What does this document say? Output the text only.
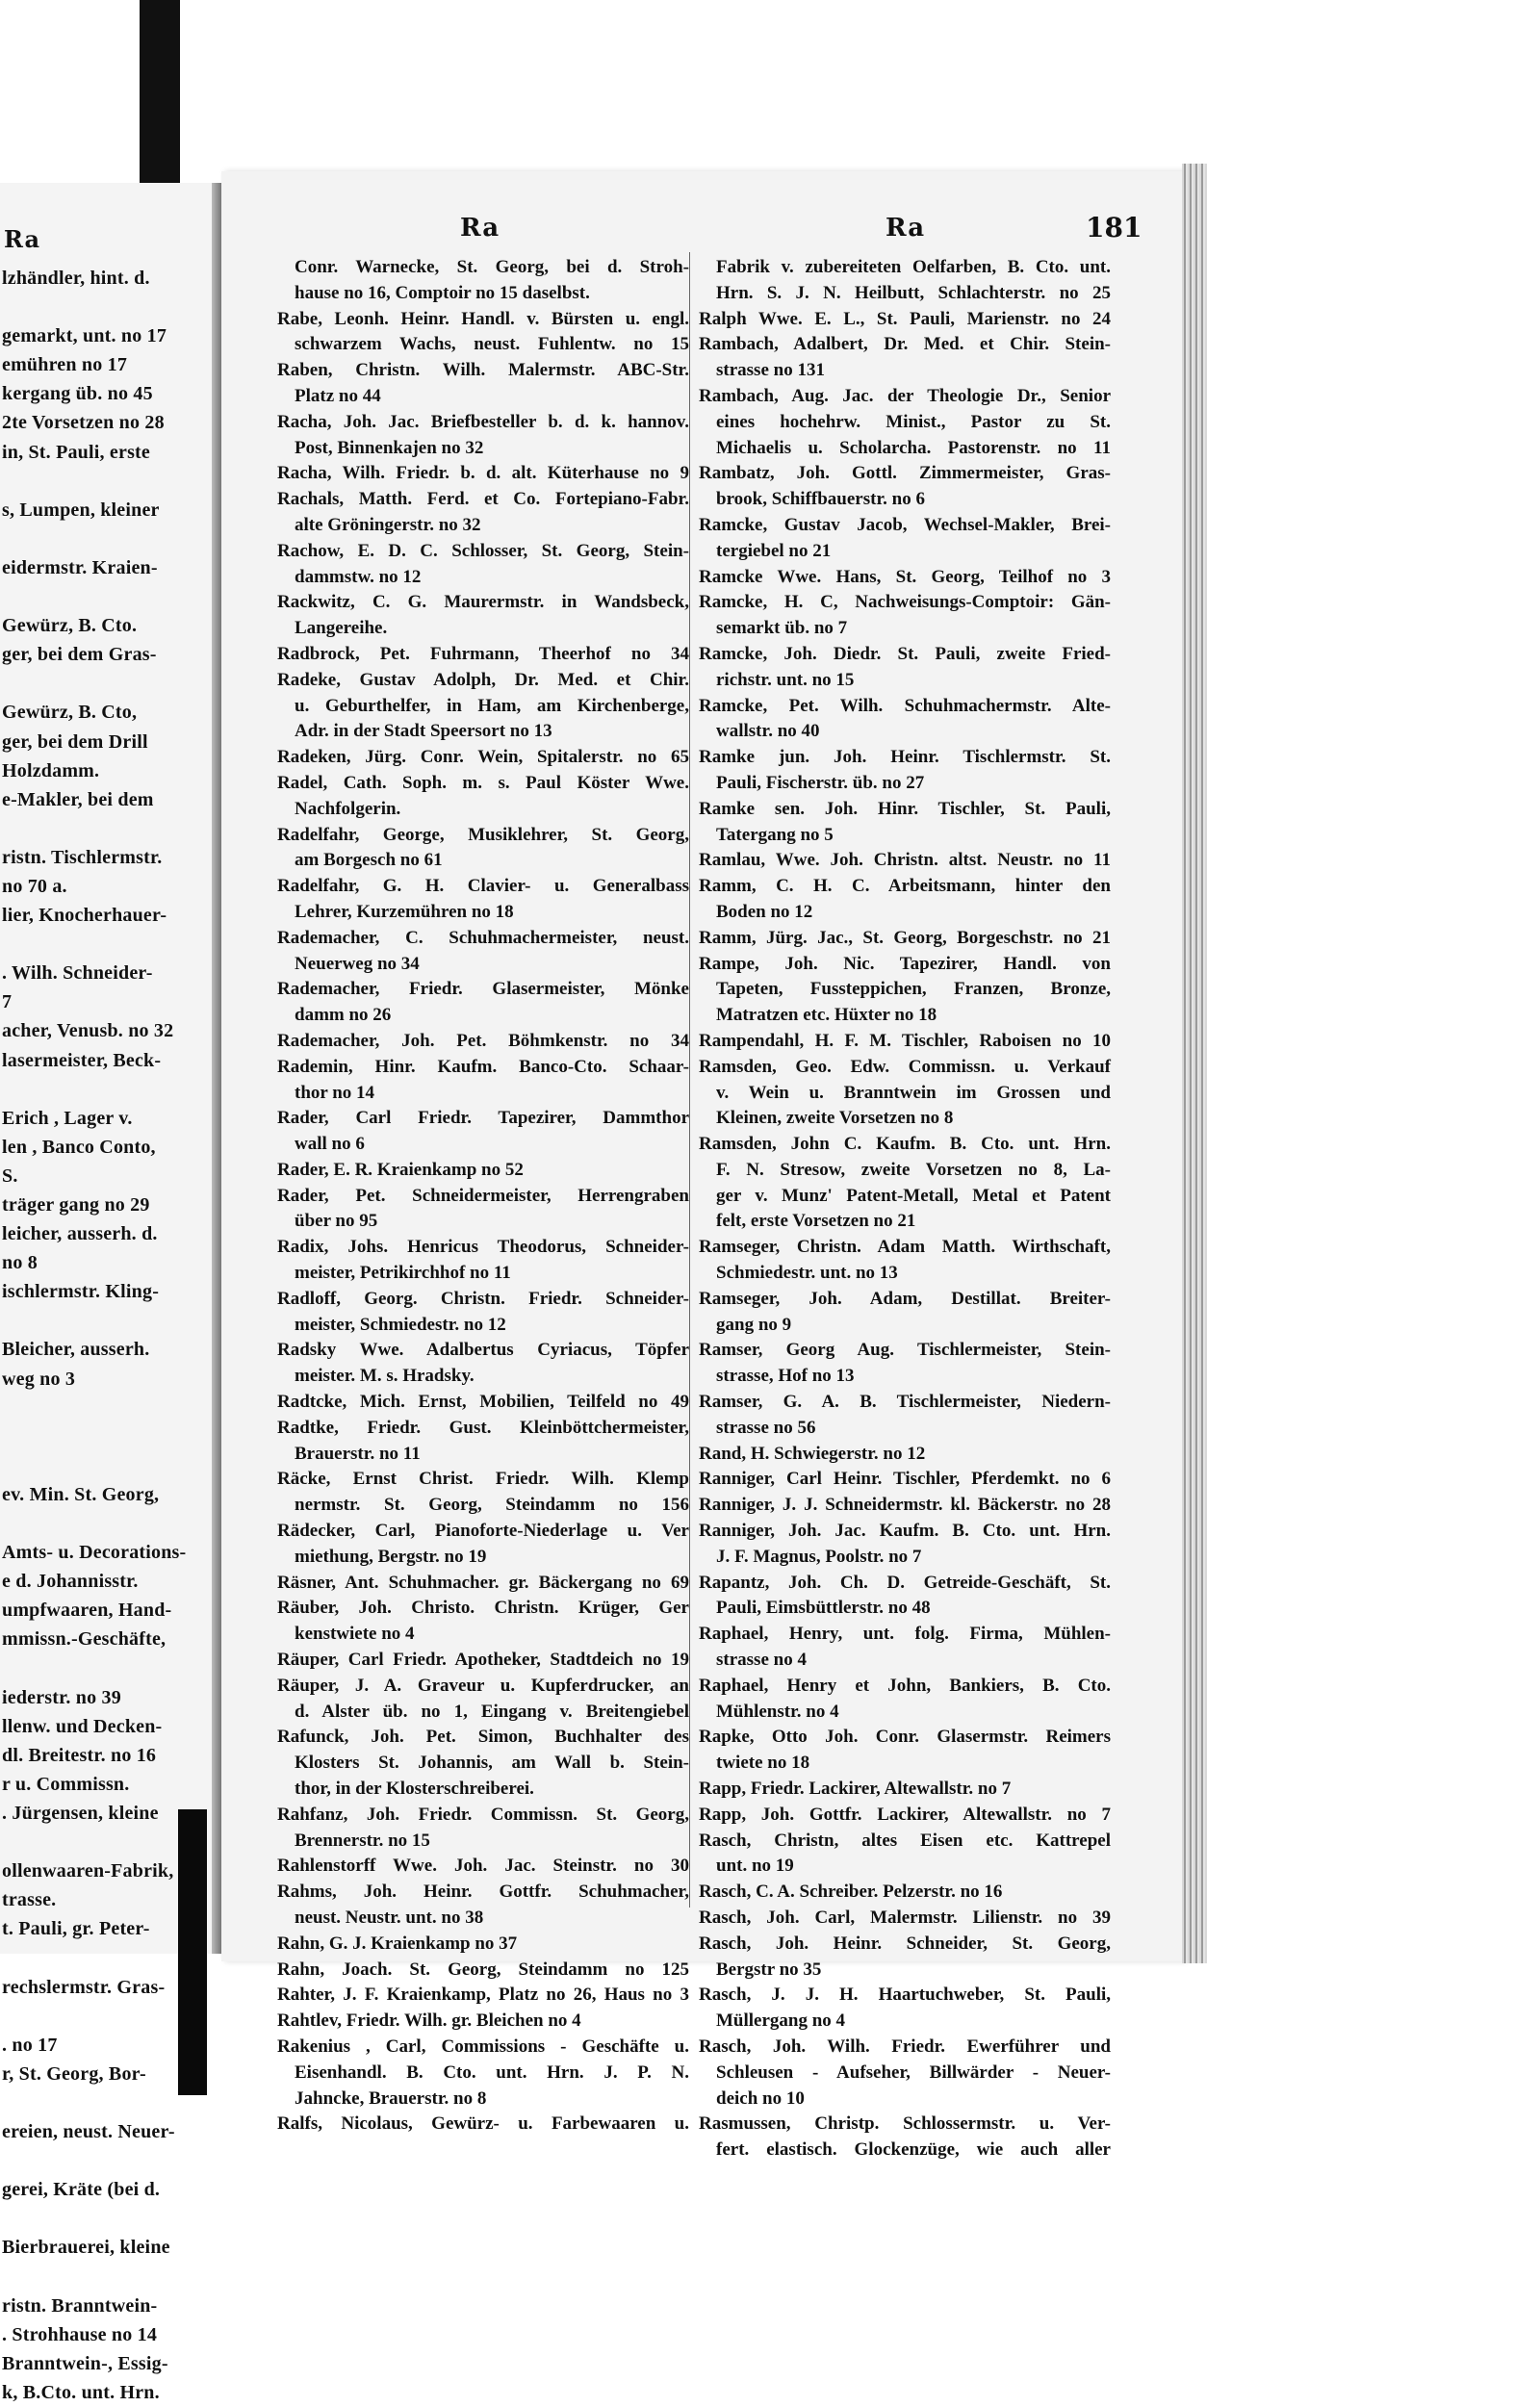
Ra
lzhändler, hint. d.

gemarkt, unt. no 17
emühren no 17
kergang üb. no 45
2te Vorsetzen no 28
in, St. Pauli, erste

s, Lumpen, kleiner

eidermstr. Kraien-

Gewürz, B. Cto.
ger, bei dem Gras-

Gewürz, B. Cto,
ger, bei dem Drill
Holzdamm.
e-Makler, bei dem

ristn. Tischlermstr.
no 70 a.
lier, Knocherhauer-

. Wilh. Schneider-
7
acher, Venusb. no 32
lasermeister, Beck-

Erich , Lager v.
len , Banco Conto,
S.
träger gang no 29
leicher, ausserh. d.
no 8
ischlermstr. Kling-

Bleicher, ausserh.
weg no 3

ev. Min. St. Georg,

Amts- u. Decorations-
e d. Johannisstr.
umpfwaaren, Hand-
mmissn.-Geschäfte,

iederstr. no 39
llenw. und Decken-
dl. Breitestr. no 16
r u. Commissn.
. Jürgensen, kleine

ollenwaaren-Fabrik,
trasse.
t. Pauli, gr. Peter-

rechslermstr. Gras-

. no 17
r, St. Georg, Bor-

ereien, neust. Neuer-

gerei, Kräte (bei d.

Bierbrauerei, kleine

ristn. Branntwein-
. Strohhause no 14
Branntwein-, Essig-
k, B.Cto. unt. Hrn.
Ra	Ra	181
Conr. Warnecke, St. Georg, bei d. Stroh-
hause no 16, Comptoir no 15 daselbst.
Rabe, Leonh. Heinr. Handl. v. Bürsten u. engl.
schwarzem Wachs, neust. Fuhlentw. no 15
Raben, Christn. Wilh. Malermstr. ABC-Str.
Platz no 44
Racha, Joh. Jac. Briefbesteller b. d. k. hannov.
Post, Binnenkajen no 32
Racha, Wilh. Friedr. b. d. alt. Küterhause no 9
Rachals, Matth. Ferd. et Co. Fortepiano-Fabr.
alte Gröningerstr. no 32
Rachow, E. D. C. Schlosser, St. Georg, Stein-
dammstw. no 12
Rackwitz, C. G. Maurermstr. in Wandsbeck,
Langereihe.
Radbrock, Pet. Fuhrmann, Theerhof no 34
Radeke, Gustav Adolph, Dr. Med. et Chir.
u. Geburthelfer, in Ham, am Kirchenberge,
Adr. in der Stadt Speersort no 13
Radeken, Jürg. Conr. Wein, Spitalerstr. no 65
Radel, Cath. Soph. m. s. Paul Köster Wwe.
Nachfolgerin.
Radelfahr, George, Musiklehrer, St. Georg,
am Borgesch no 61
Radelfahr, G. H. Clavier- u. Generalbass
Lehrer, Kurzemühren no 18
Rademacher, C. Schuhmachermeister, neust.
Neuerweg no 34
Rademacher, Friedr. Glasermeister, Mönke
damm no 26
Rademacher, Joh. Pet. Böhmkenstr. no 34
Rademin, Hinr. Kaufm. Banco-Cto. Schaar-
thor no 14
Rader, Carl Friedr. Tapezirer, Dammthor
wall no 6
Rader, E. R. Kraienkamp no 52
Rader, Pet. Schneidermeister, Herrengraben
über no 95
Radix, Johs. Henricus Theodorus, Schneider-
meister, Petrikirchhof no 11
Radloff, Georg. Christn. Friedr. Schneider-
meister, Schmiedestr. no 12
Radsky Wwe. Adalbertus Cyriacus, Töpfer
meister. M. s. Hradsky.
Radtcke, Mich. Ernst, Mobilien, Teilfeld no 49
Radtke, Friedr. Gust. Kleinböttchermeister,
Brauerstr. no 11
Räcke, Ernst Christ. Friedr. Wilh. Klemp
nermstr. St. Georg, Steindamm no 156
Rädecker, Carl, Pianoforte-Niederlage u. Ver
miethung, Bergstr. no 19
Räsner, Ant. Schuhmacher. gr. Bäckergang no 69
Räuber, Joh. Christo. Christn. Krüger, Ger
kenstwiete no 4
Räuper, Carl Friedr. Apotheker, Stadtdeich no 19
Räuper, J. A. Graveur u. Kupferdrucker, an
d. Alster üb. no 1, Eingang v. Breitengiebel
Rafunck, Joh. Pet. Simon, Buchhalter des
Klosters St. Johannis, am Wall b. Stein-
thor, in der Klosterschreiberei.
Rahfanz, Joh. Friedr. Commissn. St. Georg,
Brennerstr. no 15
Rahlenstorff Wwe. Joh. Jac. Steinstr. no 30
Rahms, Joh. Heinr. Gottfr. Schuhmacher,
neust. Neustr. unt. no 38
Rahn, G. J. Kraienkamp no 37
Rahn, Joach. St. Georg, Steindamm no 125
Rahter, J. F. Kraienkamp, Platz no 26, Haus no 3
Rahtlev, Friedr. Wilh. gr. Bleichen no 4
Rakenius , Carl, Commissions - Geschäfte u.
Eisenhandl. B. Cto. unt. Hrn. J. P. N.
Jahncke, Brauerstr. no 8
Ralfs, Nicolaus, Gewürz- u. Farbewaaren u.
Fabrik v. zubereiteten Oelfarben, B. Cto. unt.
Hrn. S. J. N. Heilbutt, Schlachterstr. no 25
Ralph Wwe. E. L., St. Pauli, Marienstr. no 24
Rambach, Adalbert, Dr. Med. et Chir. Stein-
strasse no 131
Rambach, Aug. Jac. der Theologie Dr., Senior
eines hochehrw. Minist., Pastor zu St.
Michaelis u. Scholarcha. Pastorenstr. no 11
Rambatz, Joh. Gottl. Zimmermeister, Gras-
brook, Schiffbauerstr. no 6
Ramcke, Gustav Jacob, Wechsel-Makler, Brei-
tergiebel no 21
Ramcke Wwe. Hans, St. Georg, Teilhof no 3
Ramcke, H. C, Nachweisungs-Comptoir: Gän-
semarkt üb. no 7
Ramcke, Joh. Diedr. St. Pauli, zweite Fried-
richstr. unt. no 15
Ramcke, Pet. Wilh. Schuhmachermstr. Alte-
wallstr. no 40
Ramke jun. Joh. Heinr. Tischlermstr. St.
Pauli, Fischerstr. üb. no 27
Ramke sen. Joh. Hinr. Tischler, St. Pauli,
Tatergang no 5
Ramlau, Wwe. Joh. Christn. altst. Neustr. no 11
Ramm, C. H. C. Arbeitsmann, hinter den
Boden no 12
Ramm, Jürg. Jac., St. Georg, Borgeschstr. no 21
Rampe, Joh. Nic. Tapezirer, Handl. von
Tapeten, Fussteppichen, Franzen, Bronze,
Matratzen etc. Hüxter no 18
Rampendahl, H. F. M. Tischler, Raboisen no 10
Ramsden, Geo. Edw. Commissn. u. Verkauf
v. Wein u. Branntwein im Grossen und
Kleinen, zweite Vorsetzen no 8
Ramsden, John C. Kaufm. B. Cto. unt. Hrn.
F. N. Stresow, zweite Vorsetzen no 8, La-
ger v. Munz' Patent-Metall, Metal et Patent
felt, erste Vorsetzen no 21
Ramseger, Christn. Adam Matth. Wirthschaft,
Schmiedestr. unt. no 13
Ramseger, Joh. Adam, Destillat. Breiter-
gang no 9
Ramser, Georg Aug. Tischlermeister, Stein-
strasse, Hof no 13
Ramser, G. A. B. Tischlermeister, Niedern-
strasse no 56
Rand, H. Schwiegerstr. no 12
Ranniger, Carl Heinr. Tischler, Pferdemkt. no 6
Ranniger, J. J. Schneidermstr. kl. Bäckerstr. no 28
Ranniger, Joh. Jac. Kaufm. B. Cto. unt. Hrn.
J. F. Magnus, Poolstr. no 7
Rapantz, Joh. Ch. D. Getreide-Geschäft, St.
Pauli, Eimsbüttlerstr. no 48
Raphael, Henry, unt. folg. Firma, Mühlen-
strasse no 4
Raphael, Henry et John, Bankiers, B. Cto.
Mühlenstr. no 4
Rapke, Otto Joh. Conr. Glasermstr. Reimers
twiete no 18
Rapp, Friedr. Lackirer, Altewallstr. no 7
Rapp, Joh. Gottfr. Lackirer, Altewallstr. no 7
Rasch, Christn, altes Eisen etc. Kattrepel
unt. no 19
Rasch, C. A. Schreiber. Pelzerstr. no 16
Rasch, Joh. Carl, Malermstr. Lilienstr. no 39
Rasch, Joh. Heinr. Schneider, St. Georg,
Bergstr no 35
Rasch, J. J. H. Haartuchweber, St. Pauli,
Müllergang no 4
Rasch, Joh. Wilh. Friedr. Ewerführer und
Schleusen - Aufseher, Billwärder - Neuer-
deich no 10
Rasmussen, Christp. Schlossermstr. u. Ver-
fert. elastisch. Glockenzüge, wie auch aller
